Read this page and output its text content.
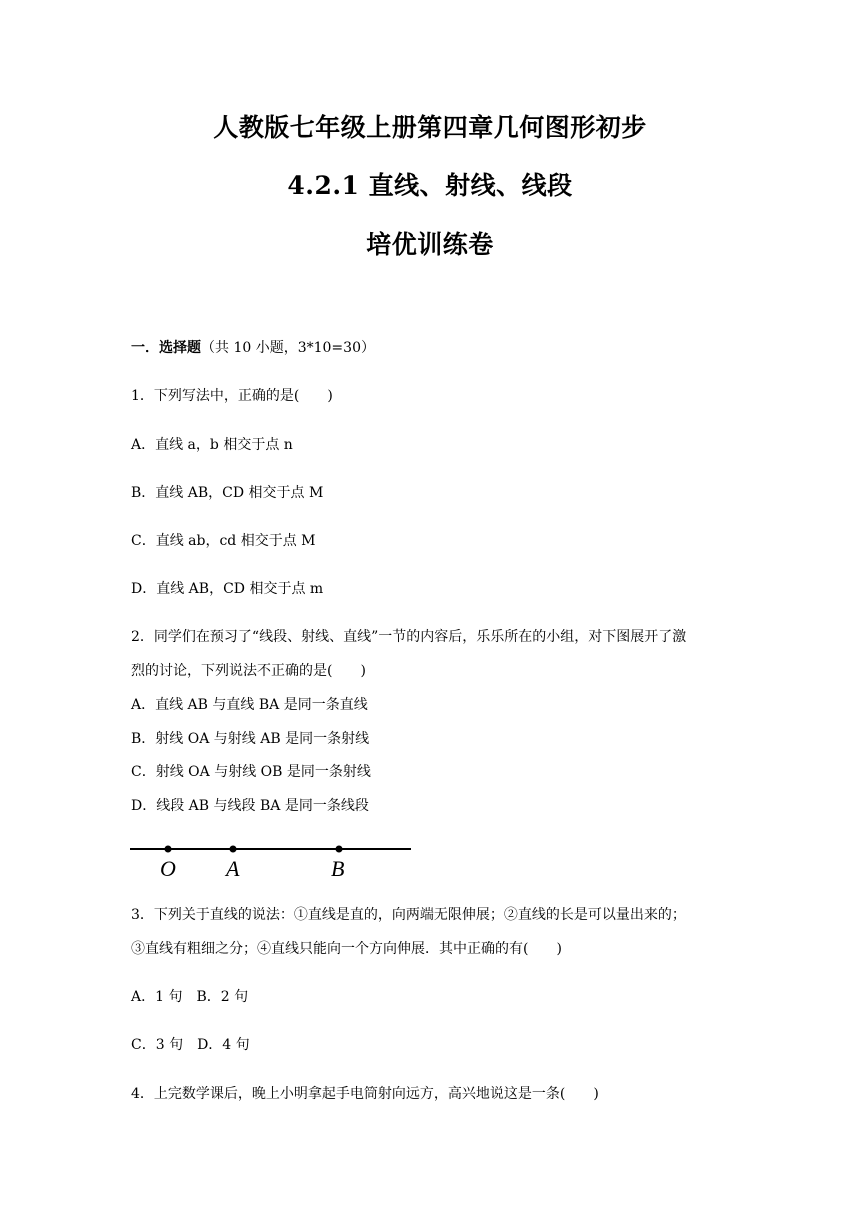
人教版七年级上册第四章几何图形初步
4.2.1 直线、射线、线段
培优训练卷

一．选择题（共 10 小题，3*10=30）

1．下列写法中，正确的是(　　)

A．直线 a，b 相交于点 n

B．直线 AB，CD 相交于点 M

C．直线 ab，cd 相交于点 M

D．直线 AB，CD 相交于点 m

2．同学们在预习了“线段、射线、直线”一节的内容后，乐乐所在的小组，对下图展开了激

烈的讨论，下列说法不正确的是(　　)

A．直线 AB 与直线 BA 是同一条直线

B．射线 OA 与射线 AB 是同一条射线

C．射线 OA 与射线 OB 是同一条射线

D．线段 AB 与线段 BA 是同一条线段

O A	B

3．下列关于直线的说法：①直线是直的，向两端无限伸展；②直线的长是可以量出来的；

③直线有粗细之分；④直线只能向一个方向伸展．其中正确的有(　　)

A．1 句　B．2 句

C．3 句　D．4 句

4．上完数学课后，晚上小明拿起手电筒射向远方，高兴地说这是一条(　　)
